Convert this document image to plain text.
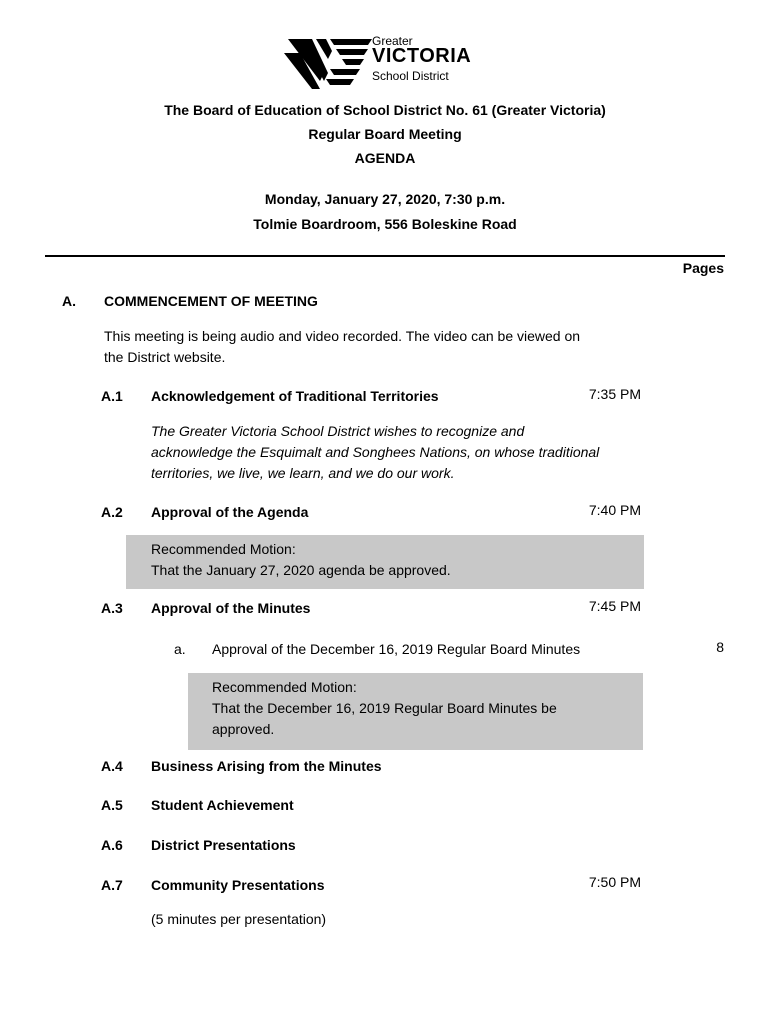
Greater
VICTORIA
School District
The Board of Education of School District No. 61 (Greater Victoria)
Regular Board Meeting
AGENDA
Monday, January 27, 2020, 7:30 p.m.
Tolmie Boardroom, 556 Boleskine Road
Pages
A. COMMENCEMENT OF MEETING
This meeting is being audio and video recorded. The video can be viewed on
the District website.
A.1 Acknowledgement of Traditional Territories	7:35 PM
The Greater Victoria School District wishes to recognize and
acknowledge the Esquimalt and Songhees Nations, on whose traditional
territories, we live, we learn, and we do our work.
A.2 Approval of the Agenda	7:40 PM
Recommended Motion:
That the January 27, 2020 agenda be approved.
A.3 Approval of the Minutes	7:45 PM
a. Approval of the December 16, 2019 Regular Board Minutes	8
Recommended Motion:
That the December 16, 2019 Regular Board Minutes be
approved.
A.4 Business Arising from the Minutes
A.5 Student Achievement
A.6 District Presentations
A.7 Community Presentations	7:50 PM
(5 minutes per presentation)
